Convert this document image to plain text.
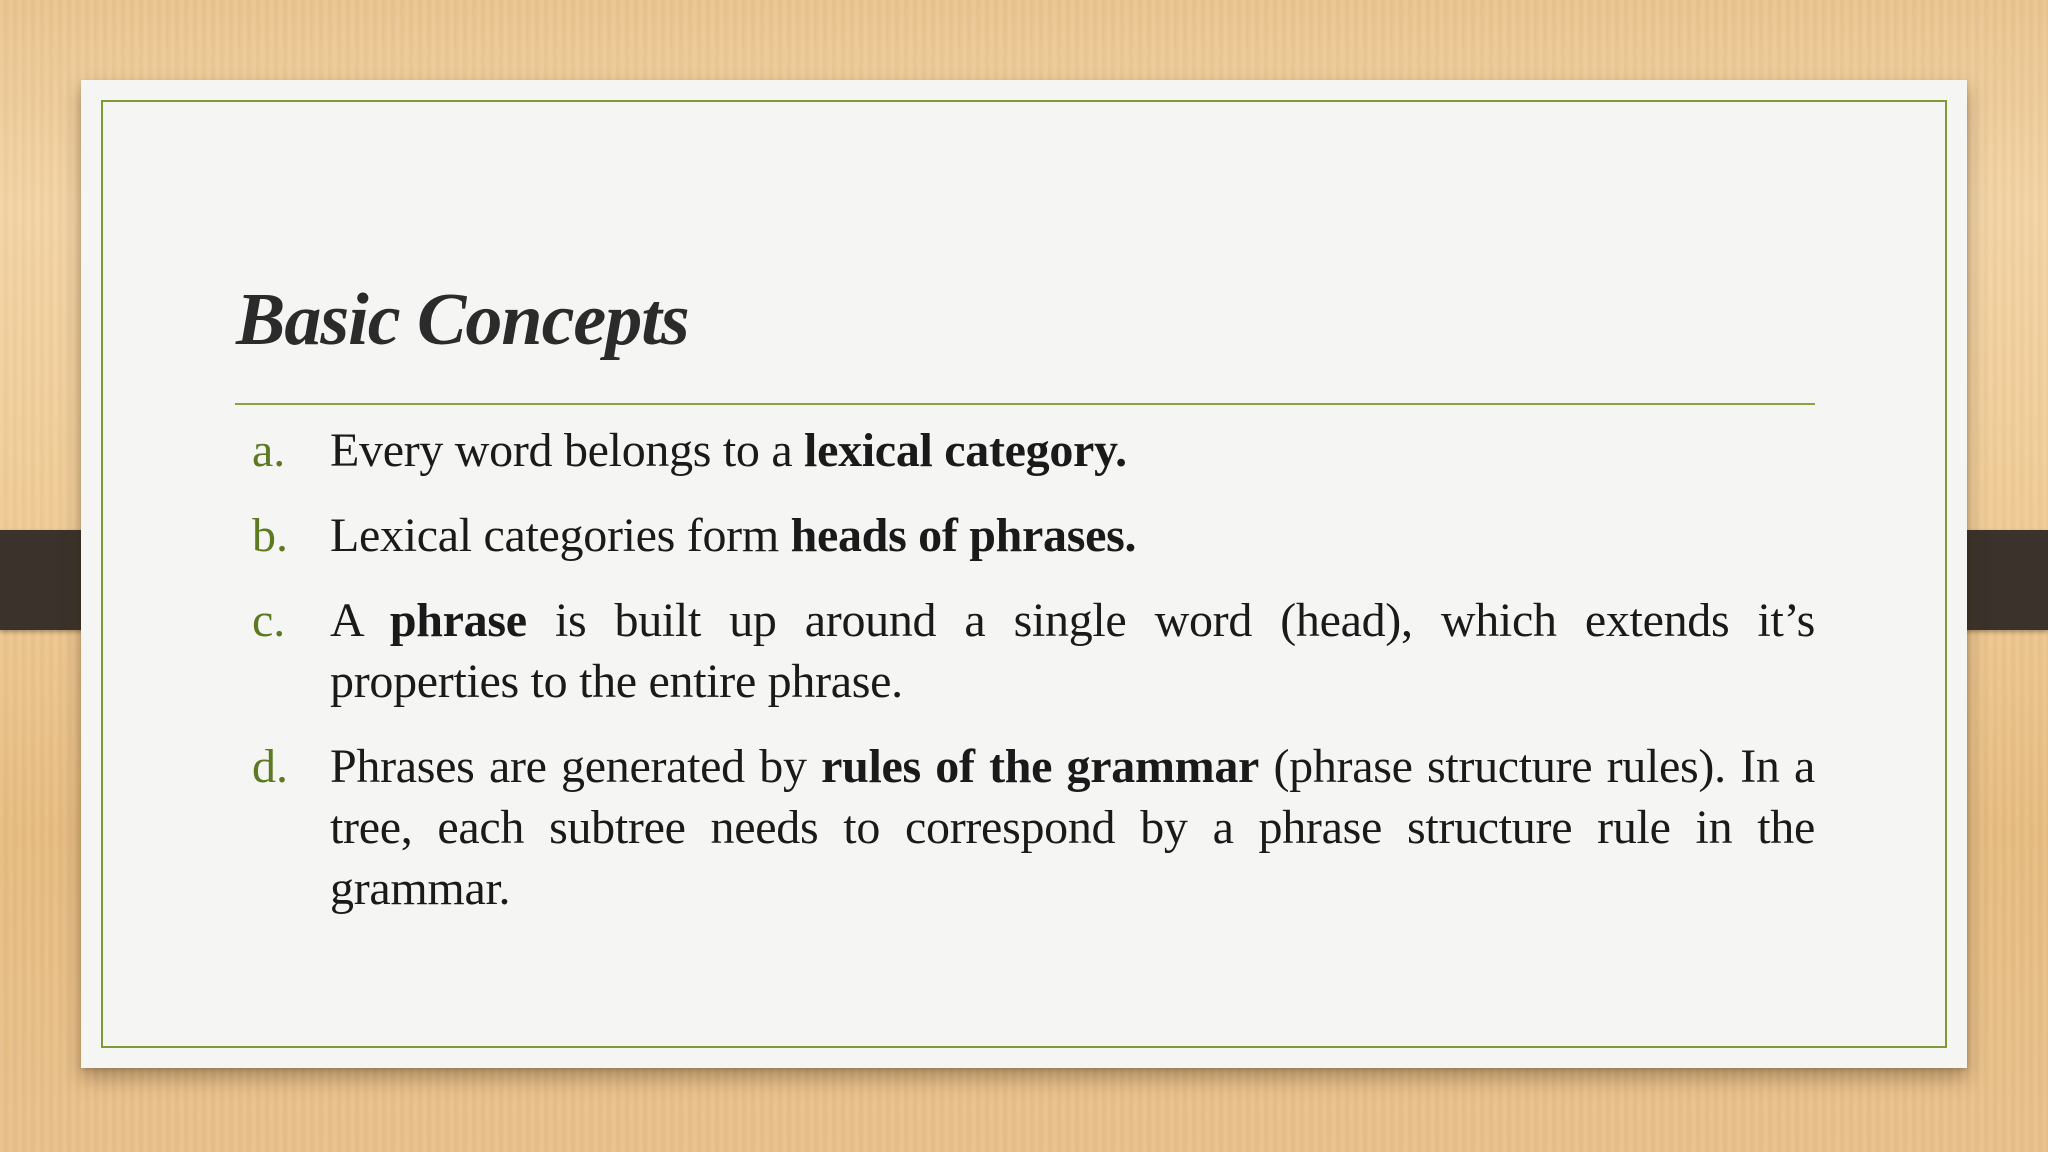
Basic Concepts
a. Every word belongs to a lexical category.
b. Lexical categories form heads of phrases.
c. A phrase is built up around a single word (head), which extends it’s properties to the entire phrase.
d. Phrases are generated by rules of the grammar (phrase structure rules). In a tree, each subtree needs to correspond by a phrase structure rule in the grammar.
